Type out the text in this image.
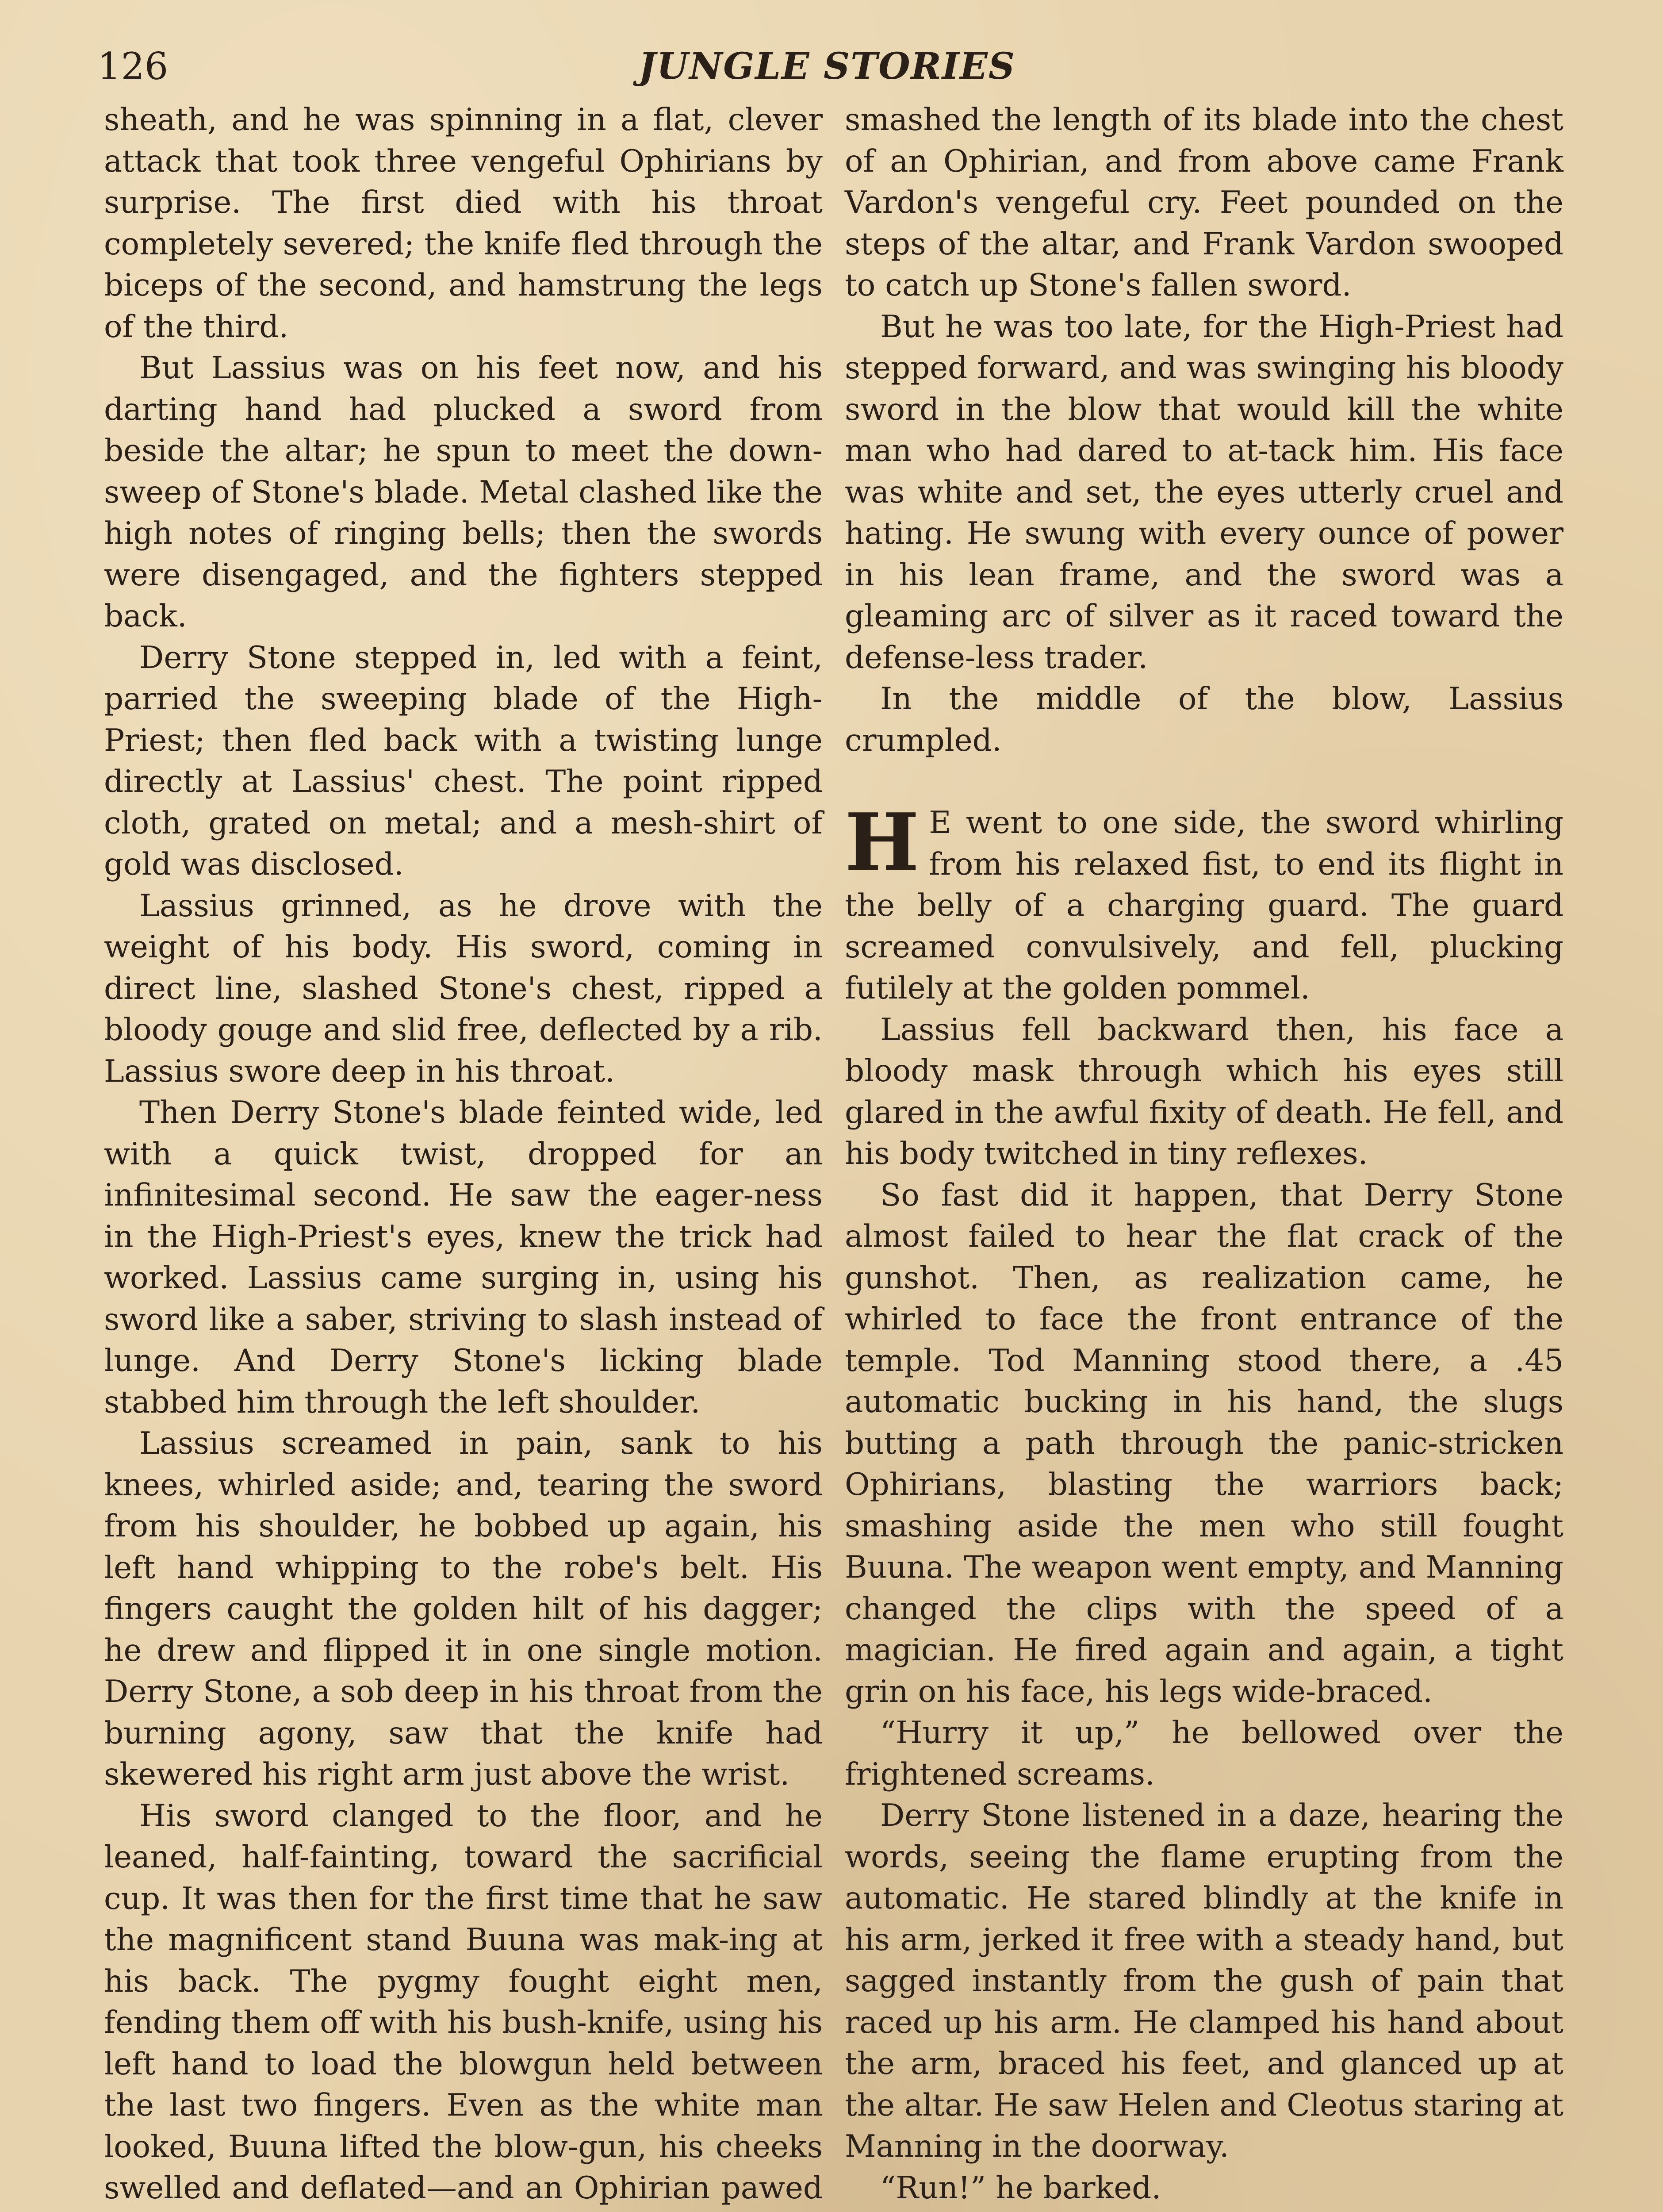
126	JUNGLE STORIES

sheath, and he was spinning in a flat, clever attack that took three vengeful Ophirians by surprise. The first died with his throat completely severed; the knife fled through the biceps of the second, and hamstrung the legs of the third.

But Lassius was on his feet now, and his darting hand had plucked a sword from beside the altar; he spun to meet the down-sweep of Stone's blade. Metal clashed like the high notes of ringing bells; then the swords were disengaged, and the fighters stepped back.

Derry Stone stepped in, led with a feint, parried the sweeping blade of the High-Priest; then fled back with a twisting lunge directly at Lassius' chest. The point ripped cloth, grated on metal; and a mesh-shirt of gold was disclosed.

Lassius grinned, as he drove with the weight of his body. His sword, coming in direct line, slashed Stone's chest, ripped a bloody gouge and slid free, deflected by a rib. Lassius swore deep in his throat.

Then Derry Stone's blade feinted wide, led with a quick twist, dropped for an infinitesimal second. He saw the eager-ness in the High-Priest's eyes, knew the trick had worked. Lassius came surging in, using his sword like a saber, striving to slash instead of lunge. And Derry Stone's licking blade stabbed him through the left shoulder.

Lassius screamed in pain, sank to his knees, whirled aside; and, tearing the sword from his shoulder, he bobbed up again, his left hand whipping to the robe's belt. His fingers caught the golden hilt of his dagger; he drew and flipped it in one single motion. Derry Stone, a sob deep in his throat from the burning agony, saw that the knife had skewered his right arm just above the wrist.

His sword clanged to the floor, and he leaned, half-fainting, toward the sacrificial cup. It was then for the first time that he saw the magnificent stand Buuna was mak-ing at his back. The pygmy fought eight men, fending them off with his bush-knife, using his left hand to load the blowgun held between the last two fingers. Even as the white man looked, Buuna lifted the blow-gun, his cheeks swelled and deflated—and an Ophirian pawed

smashed the length of its blade into the chest of an Ophirian, and from above came Frank Vardon's vengeful cry. Feet pounded on the steps of the altar, and Frank Vardon swooped to catch up Stone's fallen sword.

But he was too late, for the High-Priest had stepped forward, and was swinging his bloody sword in the blow that would kill the white man who had dared to at-tack him. His face was white and set, the eyes utterly cruel and hating. He swung with every ounce of power in his lean frame, and the sword was a gleaming arc of silver as it raced toward the defense-less trader.

In the middle of the blow, Lassius crumpled.

H E went to one side, the sword whirling from his relaxed fist, to end its flight in the belly of a charging guard. The guard screamed convulsively, and fell, plucking futilely at the golden pommel.

Lassius fell backward then, his face a bloody mask through which his eyes still glared in the awful fixity of death. He fell, and his body twitched in tiny reflexes.

So fast did it happen, that Derry Stone almost failed to hear the flat crack of the gunshot. Then, as realization came, he whirled to face the front entrance of the temple. Tod Manning stood there, a .45 automatic bucking in his hand, the slugs butting a path through the panic-stricken Ophirians, blasting the warriors back; smashing aside the men who still fought Buuna. The weapon went empty, and Manning changed the clips with the speed of a magician. He fired again and again, a tight grin on his face, his legs wide-braced.

“Hurry it up,” he bellowed over the frightened screams.

Derry Stone listened in a daze, hearing the words, seeing the flame erupting from the automatic. He stared blindly at the knife in his arm, jerked it free with a steady hand, but sagged instantly from the gush of pain that raced up his arm. He clamped his hand about the arm, braced his feet, and glanced up at the altar. He saw Helen and Cleotus staring at Manning in the doorway.

“Run!” he barked.
